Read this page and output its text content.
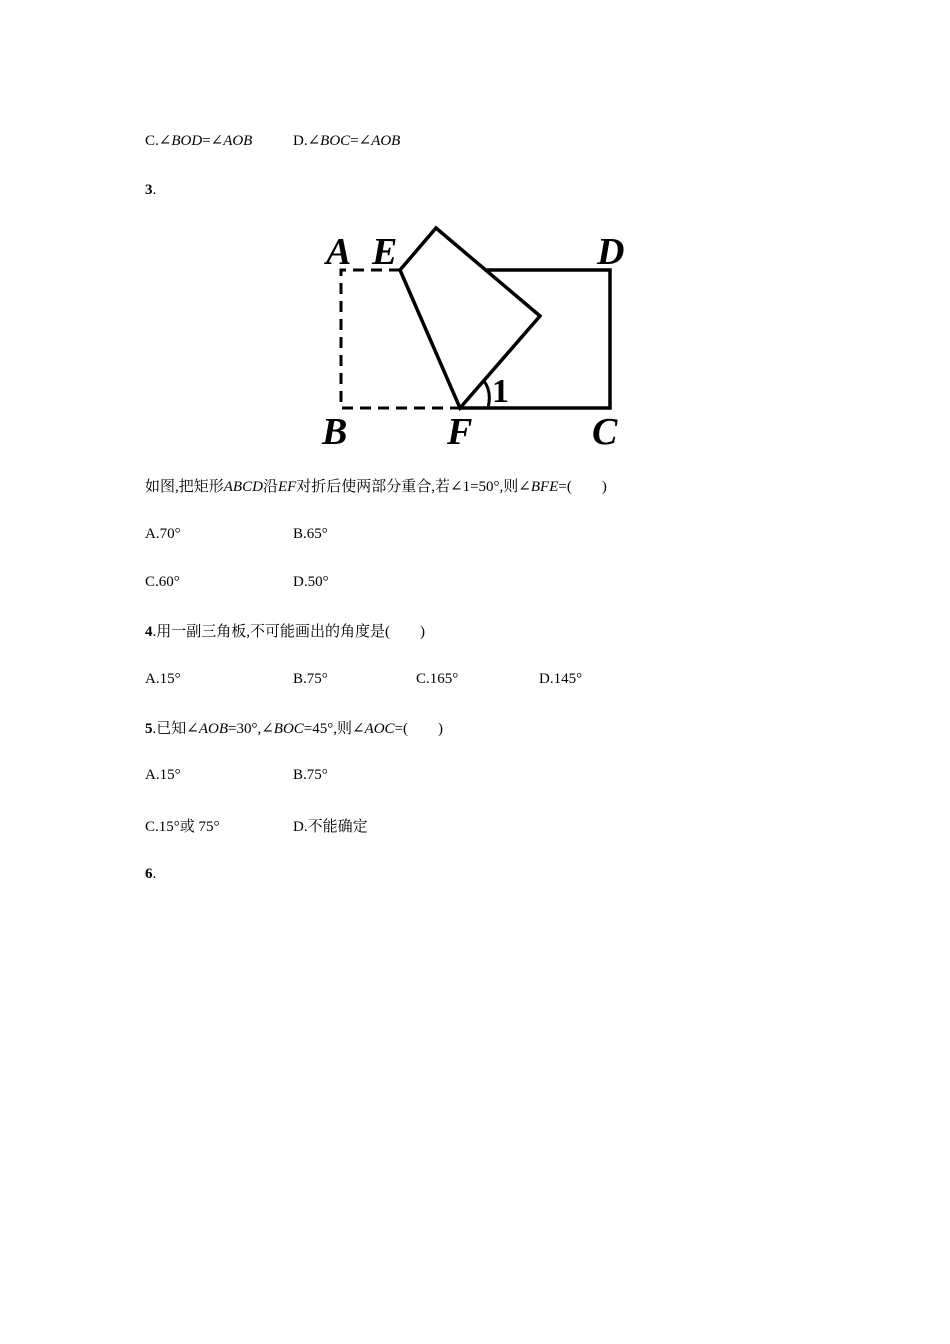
C.∠BOD=∠AOB	D.∠BOC=∠AOB
3.
A E	D
B	F	C
1
如图,把矩形ABCD沿EF对折后使两部分重合,若∠1=50°,则∠BFE=(　　)
A.70°	B.65°
C.60°	D.50°
4.用一副三角板,不可能画出的角度是(　　)
A.15°	B.75°	C.165°	D.145°
5.已知∠AOB=30°,∠BOC=45°,则∠AOC=(　　)
A.15°	B.75°
C.15°或 75°	D.不能确定
6.
